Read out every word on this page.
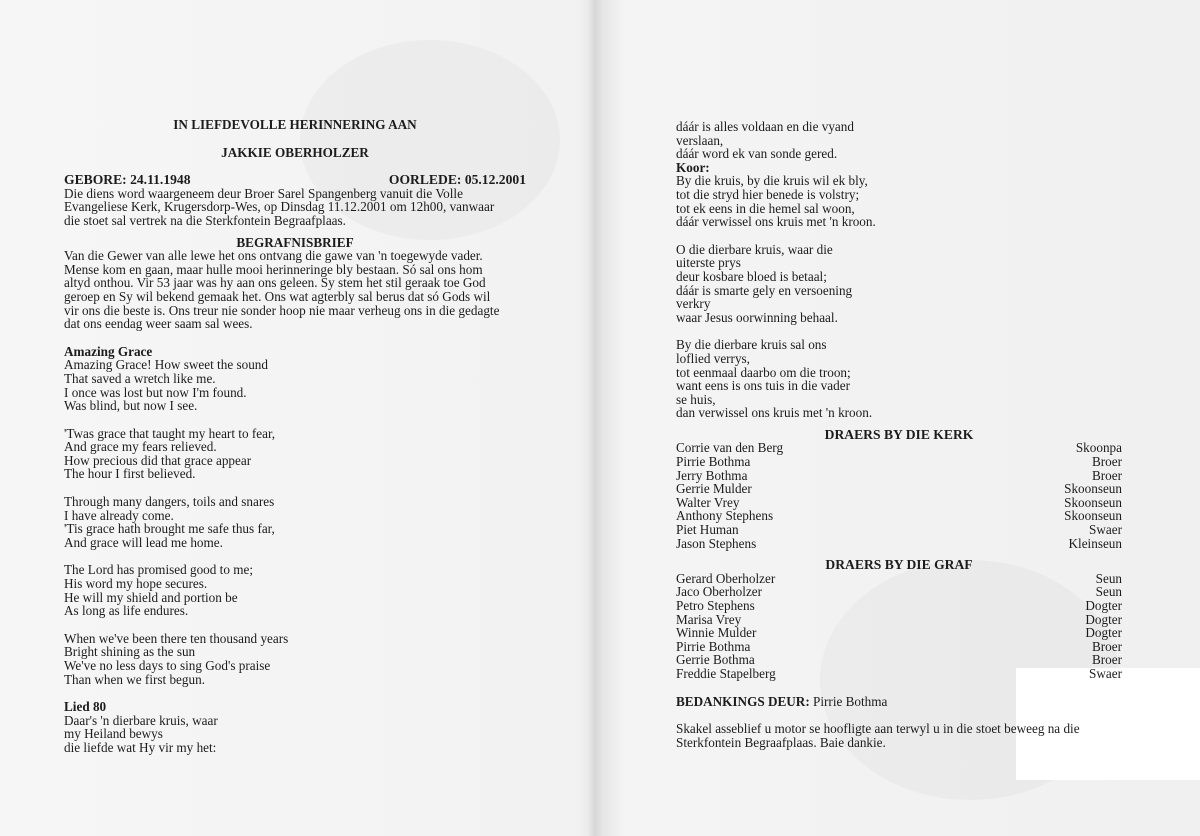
IN LIEFDEVOLLE HERINNERING AAN
JAKKIE OBERHOLZER
GEBORE: 24.11.1948	OORLEDE: 05.12.2001
Die diens word waargeneem deur Broer Sarel Spangenberg vanuit die Volle
Evangeliese Kerk, Krugersdorp-Wes, op Dinsdag 11.12.2001 om 12h00, vanwaar
die stoet sal vertrek na die Sterkfontein Begraafplaas.
BEGRAFNISBRIEF
Van die Gewer van alle lewe het ons ontvang die gawe van 'n toegewyde vader.
Mense kom en gaan, maar hulle mooi herinneringe bly bestaan. Só sal ons hom
altyd onthou. Vir 53 jaar was hy aan ons geleen. Sy stem het stil geraak toe God
geroep en Sy wil bekend gemaak het. Ons wat agterbly sal berus dat só Gods wil
vir ons die beste is. Ons treur nie sonder hoop nie maar verheug ons in die gedagte
dat ons eendag weer saam sal wees.
Amazing Grace
Amazing Grace! How sweet the sound
That saved a wretch like me.
I once was lost but now I'm found.
Was blind, but now I see.
'Twas grace that taught my heart to fear,
And grace my fears relieved.
How precious did that grace appear
The hour I first believed.
Through many dangers, toils and snares
I have already come.
'Tis grace hath brought me safe thus far,
And grace will lead me home.
The Lord has promised good to me;
His word my hope secures.
He will my shield and portion be
As long as life endures.
When we've been there ten thousand years
Bright shining as the sun
We've no less days to sing God's praise
Than when we first begun.
Lied 80
Daar's 'n dierbare kruis, waar
my Heiland bewys
die liefde wat Hy vir my het:
dáár is alles voldaan en die vyand
verslaan,
dáár word ek van sonde gered.
Koor:
By die kruis, by die kruis wil ek bly,
tot die stryd hier benede is volstry;
tot ek eens in die hemel sal woon,
dáár verwissel ons kruis met 'n kroon.
O die dierbare kruis, waar die
uiterste prys
deur kosbare bloed is betaal;
dáár is smarte gely en versoening
verkry
waar Jesus oorwinning behaal.
By die dierbare kruis sal ons
loflied verrys,
tot eenmaal daarbo om die troon;
want eens is ons tuis in die vader
se huis,
dan verwissel ons kruis met 'n kroon.
DRAERS BY DIE KERK
Corrie van den Berg	Skoonpa
Pirrie Bothma	Broer
Jerry Bothma	Broer
Gerrie Mulder	Skoonseun
Walter Vrey	Skoonseun
Anthony Stephens	Skoonseun
Piet Human	Swaer
Jason Stephens	Kleinseun
DRAERS BY DIE GRAF
Gerard Oberholzer	Seun
Jaco Oberholzer	Seun
Petro Stephens	Dogter
Marisa Vrey	Dogter
Winnie Mulder	Dogter
Pirrie Bothma	Broer
Gerrie Bothma	Broer
Freddie Stapelberg	Swaer
BEDANKINGS DEUR: Pirrie Bothma
Skakel asseblief u motor se hoofligte aan terwyl u in die stoet beweeg na die
Sterkfontein Begraafplaas. Baie dankie.
